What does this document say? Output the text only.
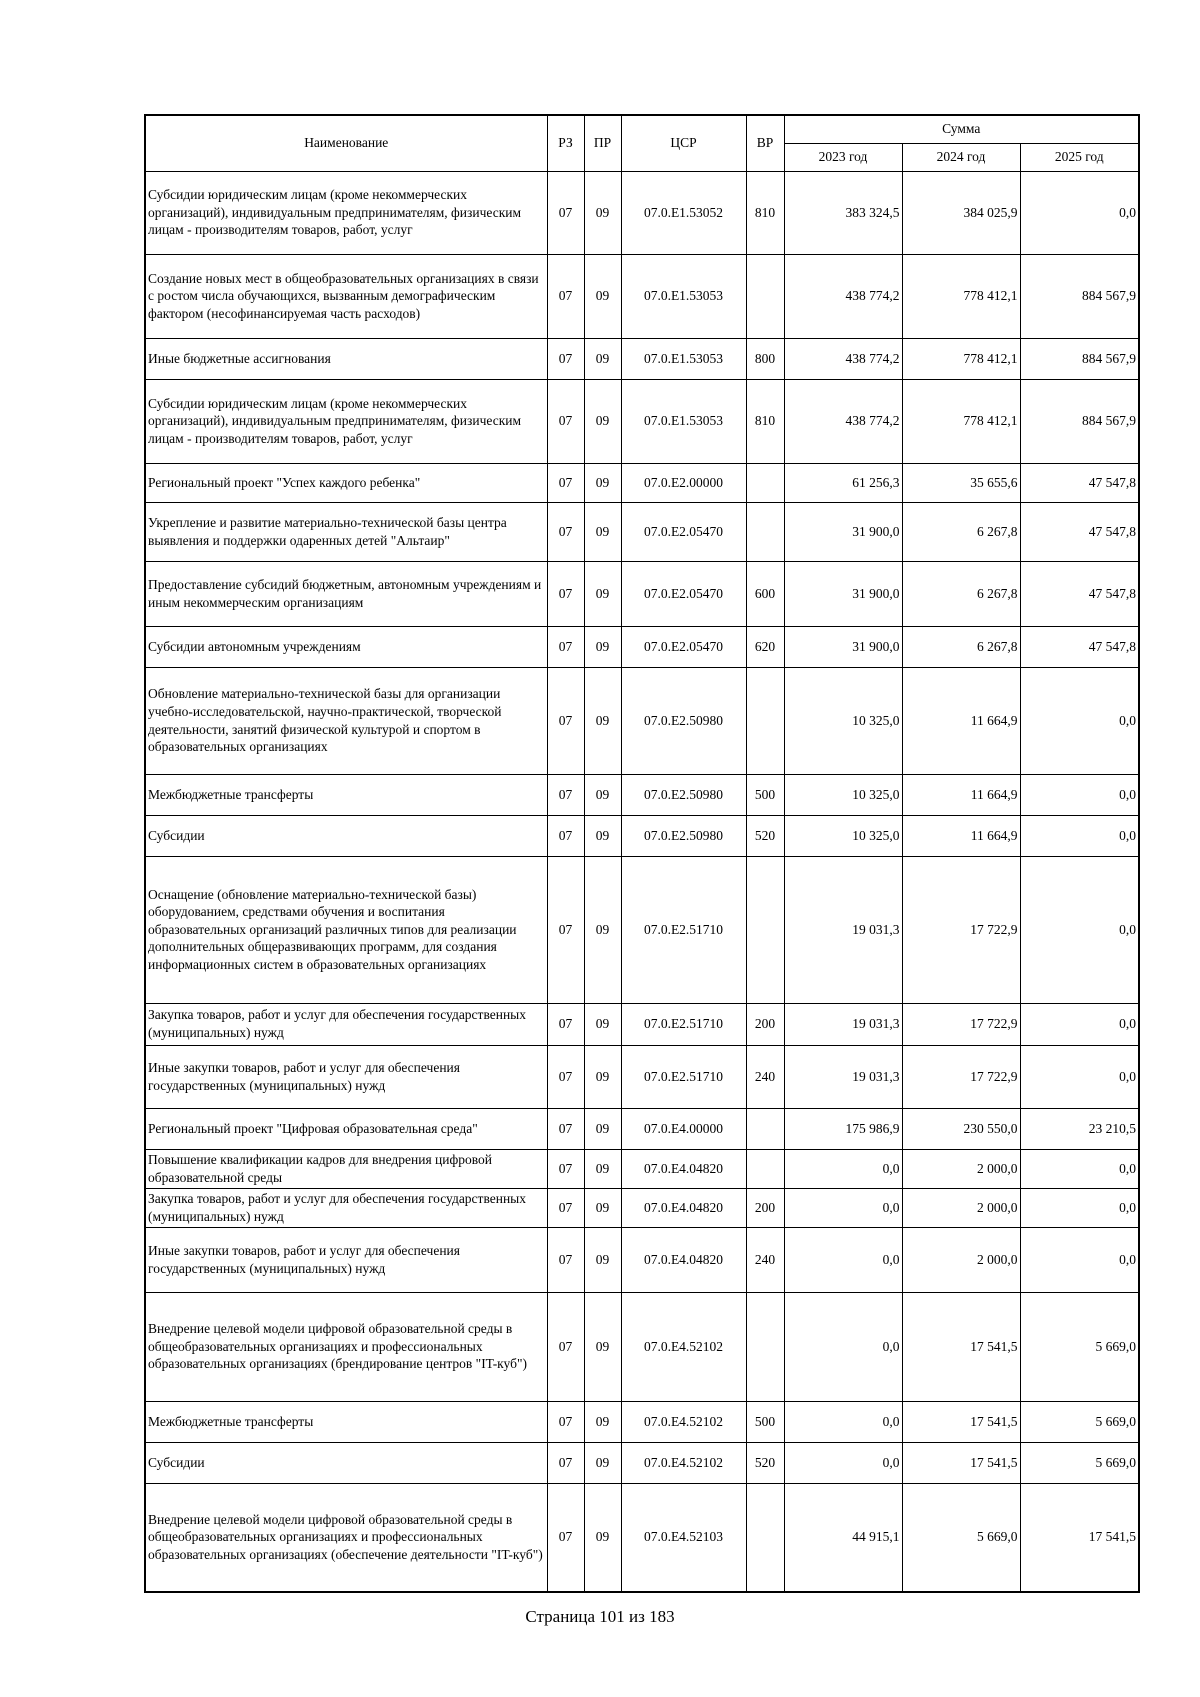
Наименование	РЗ	ПР	ЦСР	ВР	Сумма		
					2023 год	2024 год	2025 год
Субсидии юридическим лицам (кроме некоммерческих организаций), индивидуальным предпринимателям, физическим лицам - производителям товаров, работ, услуг	07	09	07.0.E1.53052	810	383 324,5	384 025,9	0,0
Создание новых мест в общеобразовательных организациях в связи с ростом числа обучающихся, вызванным демографическим фактором (несофинансируемая часть расходов)	07	09	07.0.E1.53053		438 774,2	778 412,1	884 567,9
Иные бюджетные ассигнования	07	09	07.0.E1.53053	800	438 774,2	778 412,1	884 567,9
Субсидии юридическим лицам (кроме некоммерческих организаций), индивидуальным предпринимателям, физическим лицам - производителям товаров, работ, услуг	07	09	07.0.E1.53053	810	438 774,2	778 412,1	884 567,9
Региональный проект "Успех каждого ребенка"	07	09	07.0.E2.00000		61 256,3	35 655,6	47 547,8
Укрепление и развитие материально-технической базы центра выявления и поддержки одаренных детей "Альтаир"	07	09	07.0.E2.05470		31 900,0	6 267,8	47 547,8
Предоставление субсидий бюджетным, автономным учреждениям и иным некоммерческим организациям	07	09	07.0.E2.05470	600	31 900,0	6 267,8	47 547,8
Субсидии автономным учреждениям	07	09	07.0.E2.05470	620	31 900,0	6 267,8	47 547,8
Обновление материально-технической базы для организации учебно-исследовательской, научно-практической, творческой деятельности, занятий физической культурой и спортом в образовательных организациях	07	09	07.0.E2.50980		10 325,0	11 664,9	0,0
Межбюджетные трансферты	07	09	07.0.E2.50980	500	10 325,0	11 664,9	0,0
Субсидии	07	09	07.0.E2.50980	520	10 325,0	11 664,9	0,0
Оснащение (обновление материально-технической базы) оборудованием, средствами обучения и воспитания образовательных организаций различных типов для реализации дополнительных общеразвивающих программ, для создания информационных систем в образовательных организациях	07	09	07.0.E2.51710		19 031,3	17 722,9	0,0
Закупка товаров, работ и услуг для обеспечения государственных (муниципальных) нужд	07	09	07.0.E2.51710	200	19 031,3	17 722,9	0,0
Иные закупки товаров, работ и услуг для обеспечения государственных (муниципальных) нужд	07	09	07.0.E2.51710	240	19 031,3	17 722,9	0,0
Региональный проект "Цифровая образовательная среда"	07	09	07.0.E4.00000		175 986,9	230 550,0	23 210,5
Повышение квалификации кадров для внедрения цифровой образовательной среды	07	09	07.0.E4.04820		0,0	2 000,0	0,0
Закупка товаров, работ и услуг для обеспечения государственных (муниципальных) нужд	07	09	07.0.E4.04820	200	0,0	2 000,0	0,0
Иные закупки товаров, работ и услуг для обеспечения государственных (муниципальных) нужд	07	09	07.0.E4.04820	240	0,0	2 000,0	0,0
Внедрение целевой модели цифровой образовательной среды в общеобразовательных организациях и профессиональных образовательных организациях (брендирование центров "IT-куб")	07	09	07.0.E4.52102		0,0	17 541,5	5 669,0
Межбюджетные трансферты	07	09	07.0.E4.52102	500	0,0	17 541,5	5 669,0
Субсидии	07	09	07.0.E4.52102	520	0,0	17 541,5	5 669,0
Внедрение целевой модели цифровой образовательной среды в общеобразовательных организациях и профессиональных образовательных организациях (обеспечение деятельности "IT-куб")	07	09	07.0.E4.52103		44 915,1	5 669,0	17 541,5
Страница 101 из 183
